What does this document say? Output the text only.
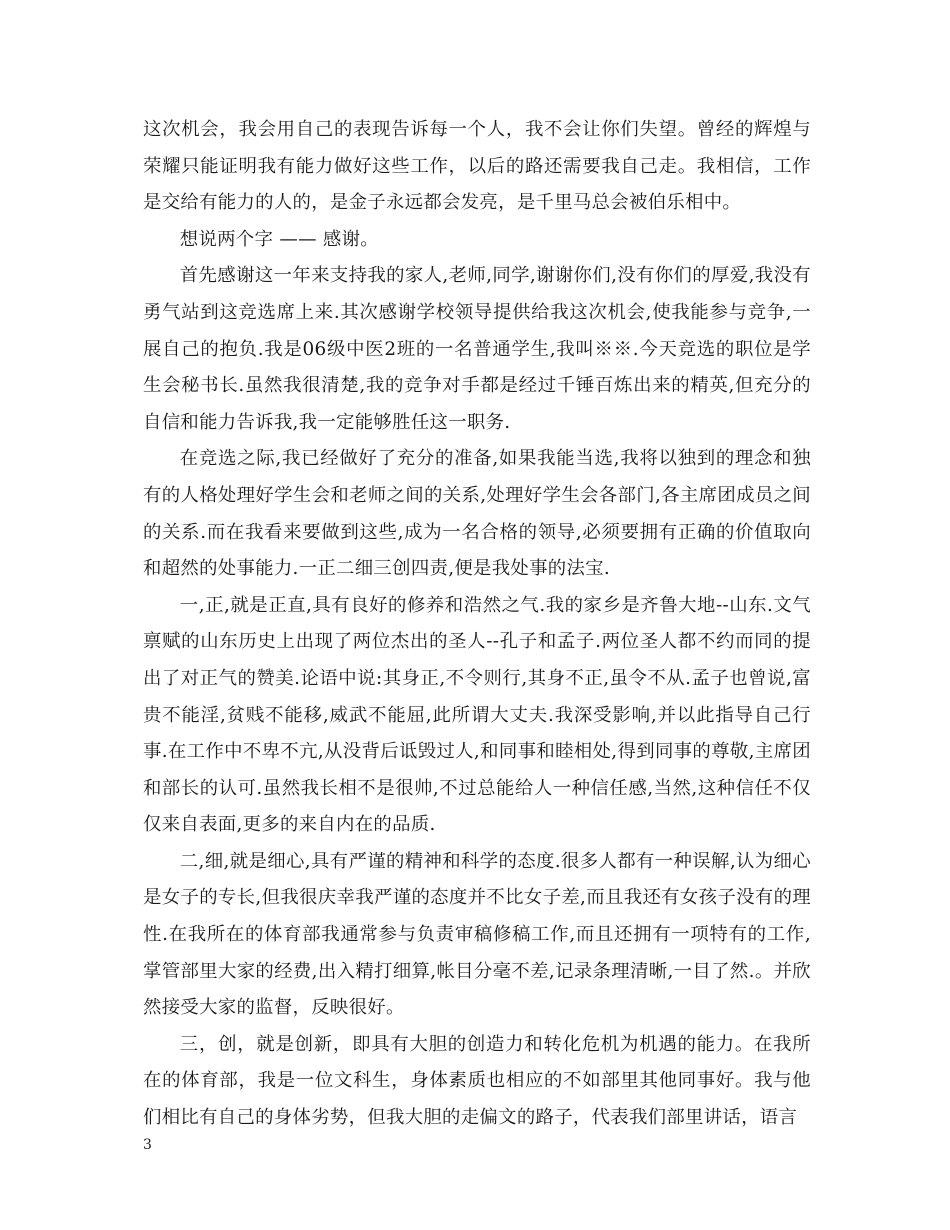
这次机会，我会用自己的表现告诉每一个人，我不会让你们失望。曾经的辉煌与荣耀只能证明我有能力做好这些工作，以后的路还需要我自己走。我相信，工作是交给有能力的人的，是金子永远都会发亮，是千里马总会被伯乐相中。

想说两个字 —— 感谢。

首先感谢这一年来支持我的家人,老师,同学,谢谢你们,没有你们的厚爱,我没有勇气站到这竞选席上来.其次感谢学校领导提供给我这次机会,使我能参与竞争,一展自己的抱负.我是06级中医2班的一名普通学生,我叫※※.今天竞选的职位是学生会秘书长.虽然我很清楚,我的竞争对手都是经过千锤百炼出来的精英,但充分的自信和能力告诉我,我一定能够胜任这一职务.

在竞选之际,我已经做好了充分的准备,如果我能当选,我将以独到的理念和独有的人格处理好学生会和老师之间的关系,处理好学生会各部门,各主席团成员之间的关系.而在我看来要做到这些,成为一名合格的领导,必须要拥有正确的价值取向和超然的处事能力.一正二细三创四责,便是我处事的法宝.

一,正,就是正直,具有良好的修养和浩然之气.我的家乡是齐鲁大地--山东.文气禀赋的山东历史上出现了两位杰出的圣人--孔子和孟子.两位圣人都不约而同的提出了对正气的赞美.论语中说:其身正,不令则行,其身不正,虽令不从.孟子也曾说,富贵不能淫,贫贱不能移,威武不能屈,此所谓大丈夫.我深受影响,并以此指导自己行事.在工作中不卑不亢,从没背后诋毁过人,和同事和睦相处,得到同事的尊敬,主席团和部长的认可.虽然我长相不是很帅,不过总能给人一种信任感,当然,这种信任不仅仅来自表面,更多的来自内在的品质.

二,细,就是细心,具有严谨的精神和科学的态度.很多人都有一种误解,认为细心是女子的专长,但我很庆幸我严谨的态度并不比女子差,而且我还有女孩子没有的理性.在我所在的体育部我通常参与负责审稿修稿工作,而且还拥有一项特有的工作,掌管部里大家的经费,出入精打细算,帐目分毫不差,记录条理清晰,一目了然.。并欣然接受大家的监督，反映很好。

三，创，就是创新，即具有大胆的创造力和转化危机为机遇的能力。在我所在的体育部，我是一位文科生，身体素质也相应的不如部里其他同事好。我与他们相比有自己的身体劣势，但我大胆的走偏文的路子，代表我们部里讲话，语言

3
